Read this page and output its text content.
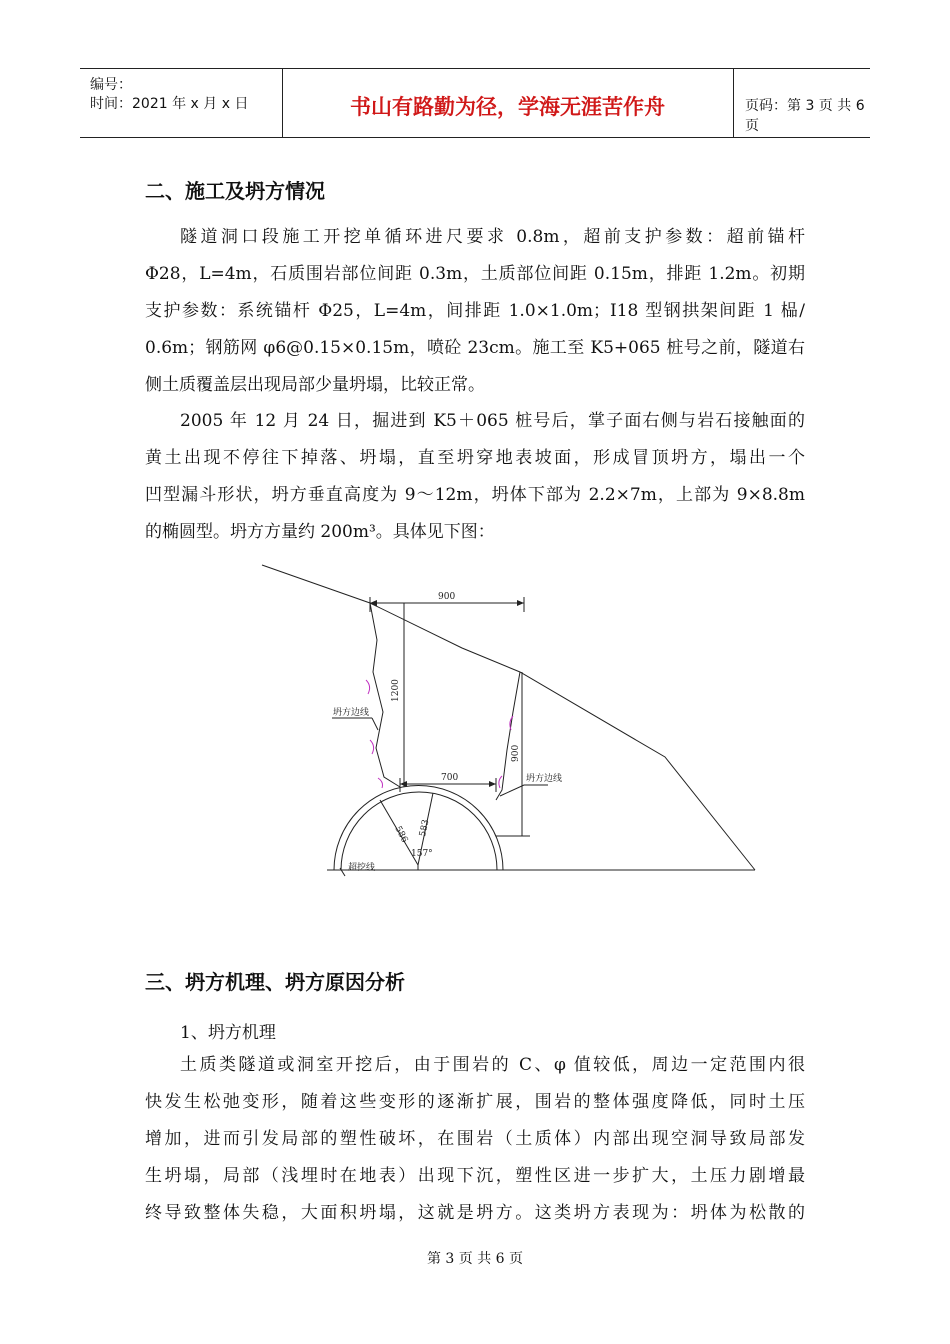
编号：
时间：2021 年 x 月 x 日	书山有路勤为径，学海无涯苦作舟	页码：第 3 页 共 6 页
二、施工及坍方情况
隧道洞口段施工开挖单循环进尺要求 0.8m，超前支护参数：超前锚杆
Φ28，L=4m，石质围岩部位间距 0.3m，土质部位间距 0.15m，排距 1.2m。初期
支护参数：系统锚杆 Φ25，L=4m，间排距 1.0×1.0m；I18 型钢拱架间距 1 榀/
0.6m；钢筋网 φ6@0.15×0.15m，喷砼 23cm。施工至 K5+065 桩号之前，隧道右
侧土质覆盖层出现局部少量坍塌，比较正常。
2005 年 12 月 24 日，掘进到 K5＋065 桩号后，掌子面右侧与岩石接触面的
黄土出现不停往下掉落、坍塌，直至坍穿地表坡面，形成冒顶坍方，塌出一个
凹型漏斗形状，坍方垂直高度为 9～12m，坍体下部为 2.2×7m，上部为 9×8.8m
的椭圆型。坍方方量约 200m³。具体见下图：
900
700
1200
900
坍方边线
坍方边线
586 583
157°
超挖线
三、坍方机理、坍方原因分析
1、坍方机理
土质类隧道或洞室开挖后，由于围岩的 C、φ 值较低，周边一定范围内很
快发生松弛变形，随着这些变形的逐渐扩展，围岩的整体强度降低，同时土压
增加，进而引发局部的塑性破坏，在围岩（土质体）内部出现空洞导致局部发
生坍塌，局部（浅埋时在地表）出现下沉，塑性区进一步扩大，土压力剧增最
终导致整体失稳，大面积坍塌，这就是坍方。这类坍方表现为：坍体为松散的
第 3 页 共 6 页
